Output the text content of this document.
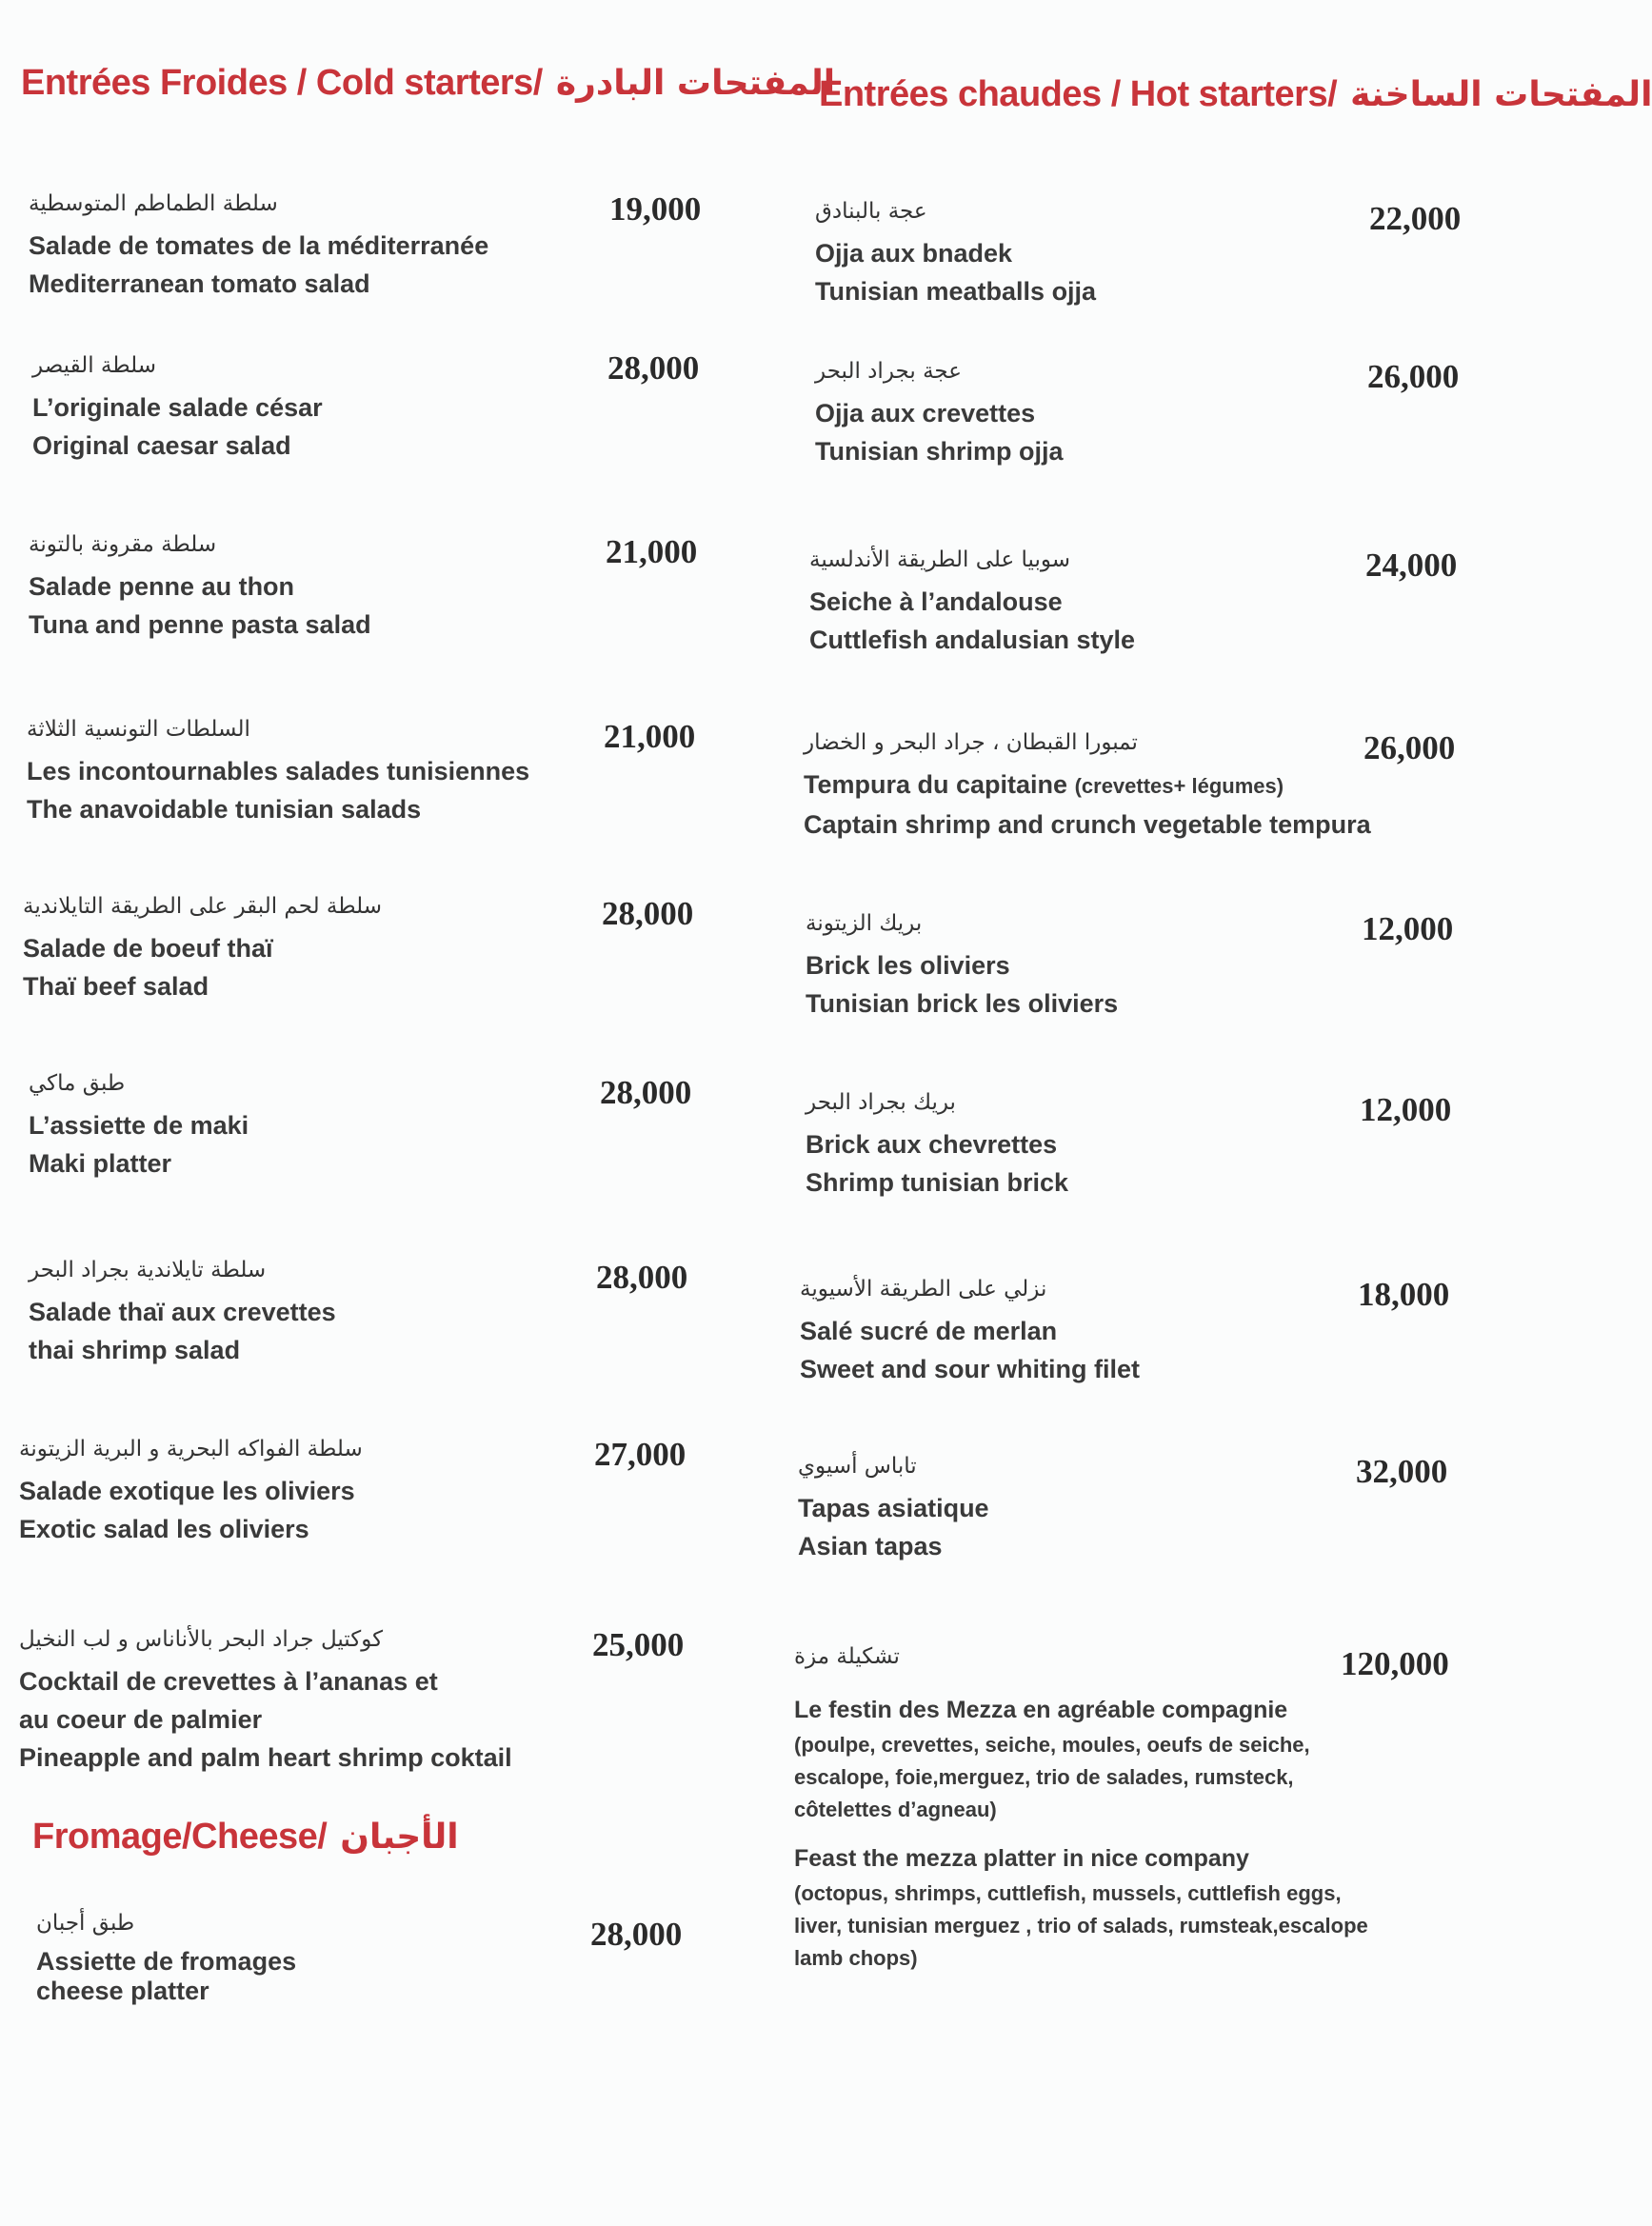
Entrées Froides / Cold starters/ المفتحات البادرة
Entrées chaudes / Hot starters/ المفتحات الساخنة
سلطة الطماطم المتوسطية
Salade de tomates de la méditerranée
Mediterranean tomato salad
19,000
سلطة القيصر
L’originale salade césar
Original caesar salad
28,000
سلطة مقرونة بالتونة
Salade penne au thon
Tuna and penne pasta salad
21,000
السلطات التونسية الثلاثة
Les incontournables salades tunisiennes
The anavoidable tunisian salads
21,000
سلطة لحم البقر على الطريقة التايلاندية
Salade de boeuf thaï
Thaï beef salad
28,000
طبق ماكي
L’assiette de maki
Maki platter
28,000
سلطة تايلاندية بجراد البحر
Salade thaï aux crevettes
thai shrimp salad
28,000
سلطة الفواكه البحرية و البرية الزيتونة
Salade exotique les oliviers
Exotic salad les oliviers
27,000
كوكتيل جراد البحر بالأناناس و لب النخيل
Cocktail de crevettes à l’ananas et
au coeur de palmier
Pineapple and palm heart shrimp coktail
25,000
Fromage/Cheese/ الأجبان
طبق أجبان
Assiette de fromages
cheese platter
28,000
عجة بالبنادق
Ojja aux bnadek
Tunisian meatballs ojja
22,000
عجة بجراد البحر
Ojja aux crevettes
Tunisian shrimp ojja
26,000
سوبيا على الطريقة الأندلسية
Seiche à l’andalouse
Cuttlefish andalusian style
24,000
تمبورا القبطان ، جراد البحر و الخضار
Tempura du capitaine (crevettes+ légumes)
Captain shrimp and crunch vegetable tempura
26,000
بريك الزيتونة
Brick les oliviers
Tunisian brick les oliviers
12,000
بريك بجراد البحر
Brick aux chevrettes
Shrimp tunisian brick
12,000
نزلي على الطريقة الأسيوية
Salé sucré de merlan
Sweet and sour whiting filet
18,000
تاباس أسيوي
Tapas asiatique
Asian tapas
32,000
تشكيلة مزة
Le festin des Mezza en agréable compagnie
(poulpe, crevettes, seiche, moules, oeufs de seiche,
escalope, foie,merguez, trio de salades, rumsteck,
côtelettes d’agneau)
Feast the mezza platter in nice company
(octopus, shrimps, cuttlefish, mussels, cuttlefish eggs,
liver, tunisian merguez , trio of salads, rumsteak,escalope
lamb chops)
120,000
